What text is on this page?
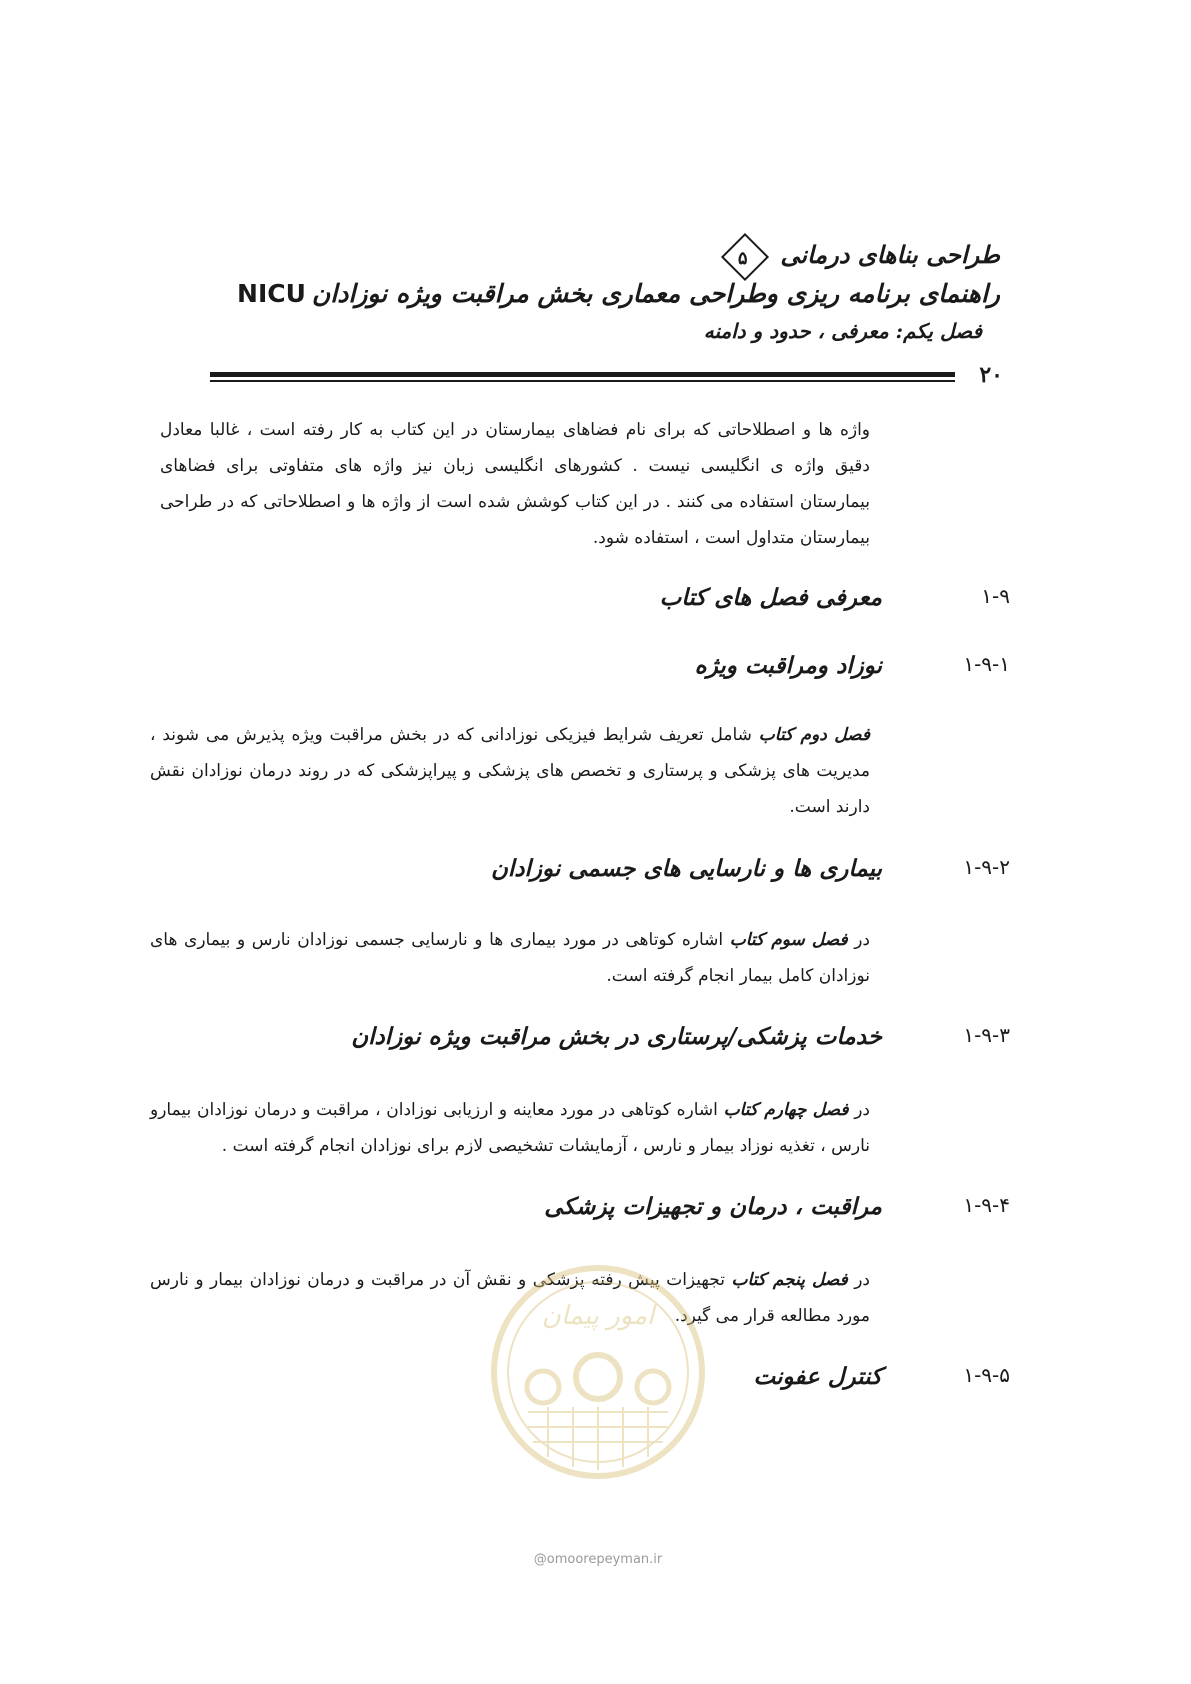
طراحی بناهای درمانی ۵
راهنمای برنامه ریزی وطراحی معماری بخش مراقبت ویژه نوزادانNICU
فصل یکم: معرفی ، حدود و دامنه
۲۰
واژه ها و اصطلاحاتی که برای نام فضاهای بیمارستان در این کتاب به کار رفته است ، غالبا معادل دقیق واژه ی انگلیسی نیست . کشورهای انگلیسی زبان نیز واژه های متفاوتی برای فضاهای بیمارستان استفاده می کنند . در این کتاب کوشش شده است از واژه ها و اصطلاحاتی که در طراحی بیمارستان متداول است ، استفاده شود.
۱-۹
معرفی فصل های کتاب
۱-۹-۱
نوزاد ومراقبت ویژه
فصل دوم کتاب شامل تعریف شرایط فیزیکی نوزادانی که در بخش مراقبت ویژه پذیرش می شوند ، مدیریت های پزشکی و پرستاری و تخصص های پزشکی و پیراپزشکی که در روند درمان نوزادان نقش دارند است.
۱-۹-۲
بیماری ها و نارسایی های جسمی نوزادان
در فصل سوم کتاب اشاره کوتاهی در مورد بیماری ها و نارسایی جسمی نوزادان نارس و بیماری های نوزادان کامل بیمار انجام گرفته است.
۱-۹-۳
خدمات پزشکی/پرستاری در بخش مراقبت ویژه نوزادان
در فصل چهارم کتاب اشاره کوتاهی در مورد معاینه و ارزیابی نوزادان ، مراقبت و درمان نوزادان بیمارو نارس ، تغذیه نوزاد بیمار و نارس ، آزمایشات تشخیصی لازم برای نوزادان انجام گرفته است .
۱-۹-۴
مراقبت ، درمان و تجهیزات پزشکی
در فصل پنجم کتاب تجهیزات پیش رفته پزشکی و نقش آن در مراقبت و درمان نوزادان بیمار و نارس مورد مطالعه قرار می گیرد.
۱-۹-۵
کنترل عفونت
امور پیمان
@omoorepeyman.ir
